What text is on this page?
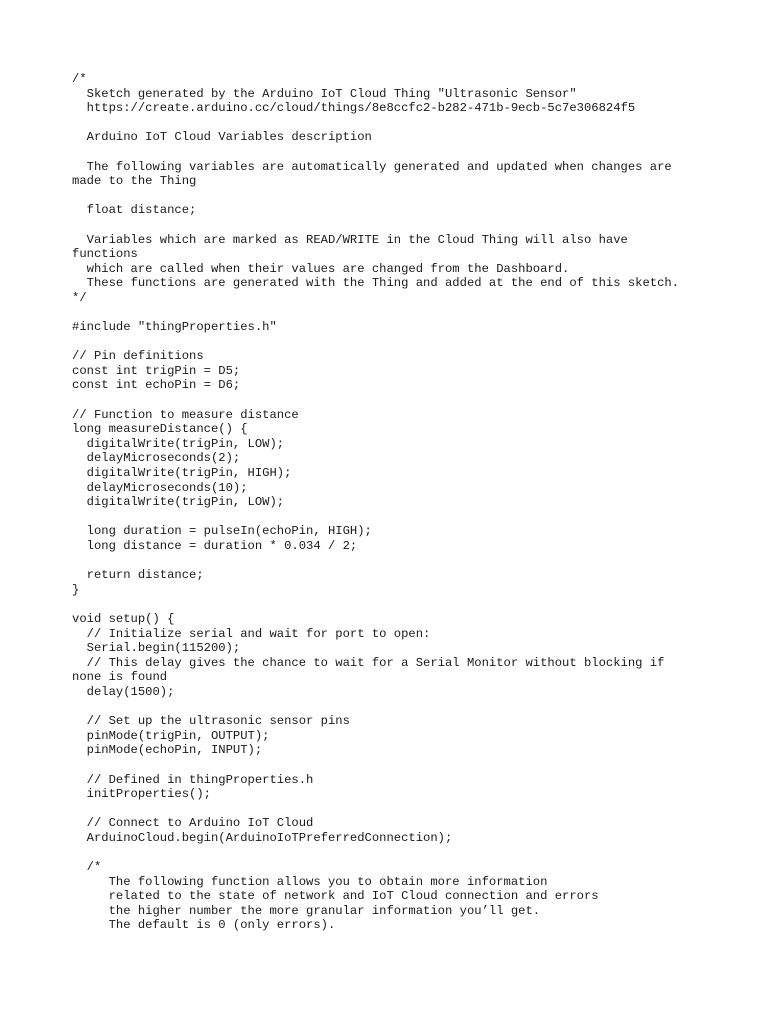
/*
Sketch generated by the Arduino IoT Cloud Thing "Ultrasonic Sensor"
https://create.arduino.cc/cloud/things/8e8ccfc2-b282-471b-9ecb-5c7e306824f5
Arduino IoT Cloud Variables description
The following variables are automatically generated and updated when changes are
made to the Thing
float distance;
Variables which are marked as READ/WRITE in the Cloud Thing will also have
functions
which are called when their values are changed from the Dashboard.
These functions are generated with the Thing and added at the end of this sketch.
*/
#include "thingProperties.h"
// Pin definitions
const int trigPin = D5;
const int echoPin = D6;
// Function to measure distance
long measureDistance() {
digitalWrite(trigPin, LOW);
delayMicroseconds(2);
digitalWrite(trigPin, HIGH);
delayMicroseconds(10);
digitalWrite(trigPin, LOW);
long duration = pulseIn(echoPin, HIGH);
long distance = duration * 0.034 / 2;
return distance;
}
void setup() {
// Initialize serial and wait for port to open:
Serial.begin(115200);
// This delay gives the chance to wait for a Serial Monitor without blocking if
none is found
delay(1500);
// Set up the ultrasonic sensor pins
pinMode(trigPin, OUTPUT);
pinMode(echoPin, INPUT);
// Defined in thingProperties.h
initProperties();
// Connect to Arduino IoT Cloud
ArduinoCloud.begin(ArduinoIoTPreferredConnection);
/*
The following function allows you to obtain more information
related to the state of network and IoT Cloud connection and errors
the higher number the more granular information you’ll get.
The default is 0 (only errors).
